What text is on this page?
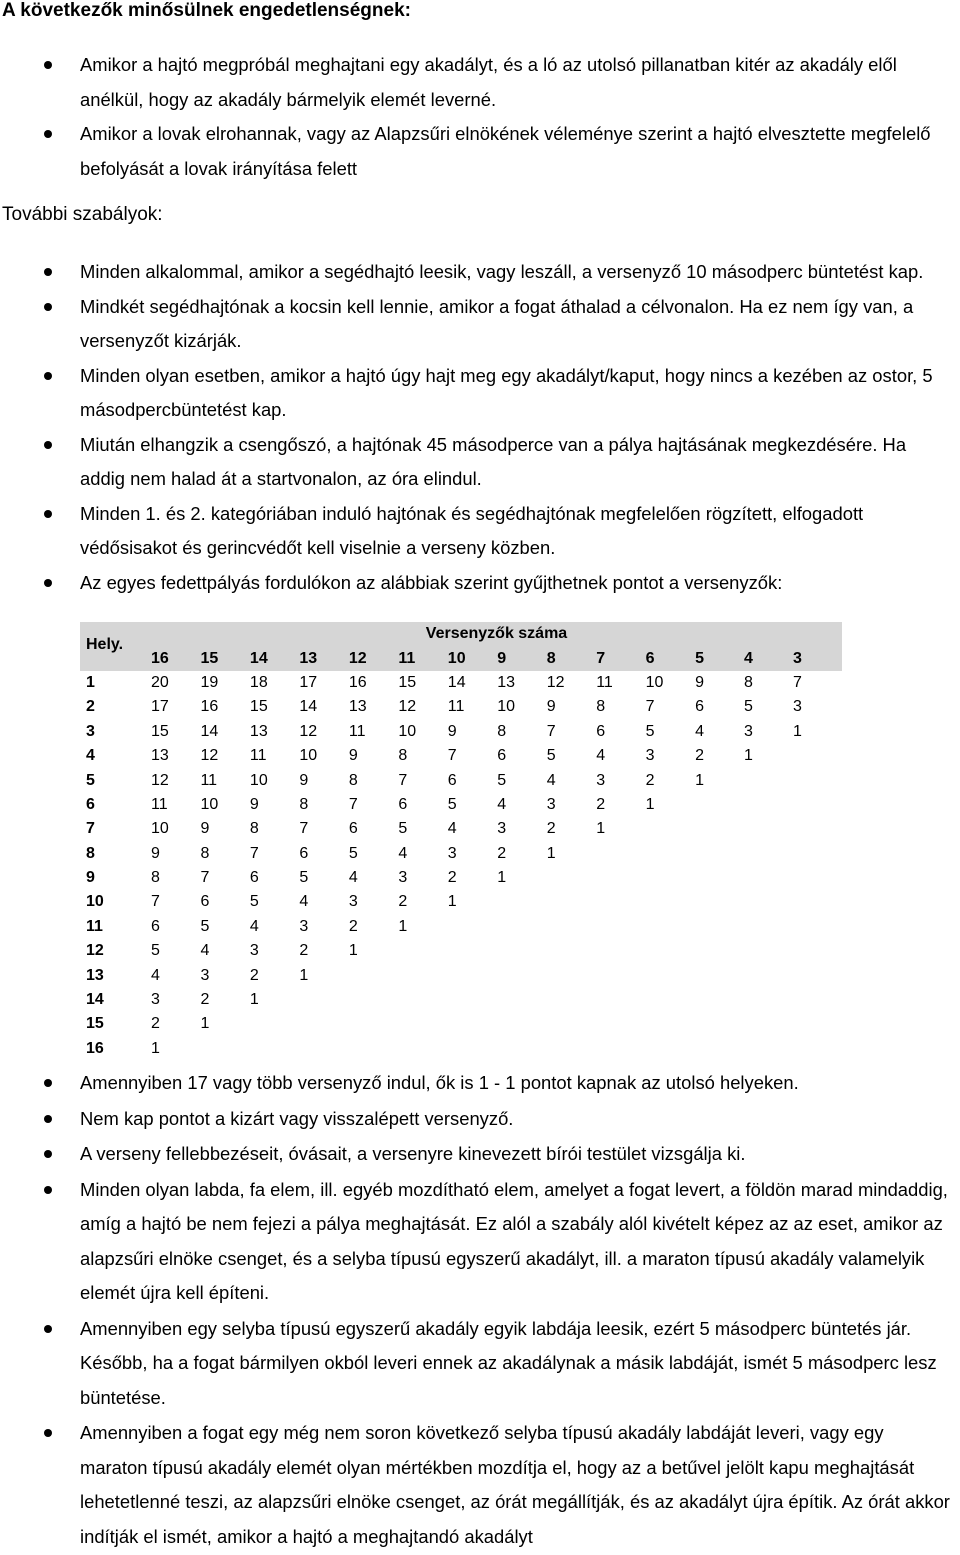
A következők minősülnek engedetlenségnek:
Amikor a hajtó megpróbál meghajtani egy akadályt, és a ló az utolsó pillanatban kitér az akadály elől anélkül, hogy az akadály bármelyik elemét leverné.
Amikor a lovak elrohannak, vagy az Alapzsűri elnökének véleménye szerint a hajtó elvesztette megfelelő befolyását a lovak irányítása felett
További szabályok:
Minden alkalommal, amikor a segédhajtó leesik, vagy leszáll, a versenyző 10 másodperc büntetést kap.
Mindkét segédhajtónak a kocsin kell lennie, amikor a fogat áthalad a célvonalon. Ha ez nem így van, a versenyzőt kizárják.
Minden olyan esetben, amikor a hajtó úgy hajt meg egy akadályt/kaput, hogy nincs a kezében az ostor, 5 másodpercbüntetést kap.
Miután elhangzik a csengőszó, a hajtónak 45 másodperce van a pálya hajtásának megkezdésére. Ha addig nem halad át a startvonalon, az óra elindul.
Minden 1. és 2. kategóriában induló hajtónak és segédhajtónak megfelelően rögzített, elfogadott védősisakot és gerincvédőt kell viselnie a verseny közben.
Az egyes fedettpályás fordulókon az alábbiak szerint gyűjthetnek pontot a versenyzők:
Hely.
	Versenyzők száma													
	16	15	14	13	12	11	10	9	8	7	6	5	4	3
1	20	19	18	17	16	15	14	13	12	11	10	9	8	7
2	17	16	15	14	13	12	11	10	9	8	7	6	5	3
3	15	14	13	12	11	10	9	8	7	6	5	4	3	1
4	13	12	11	10	9	8	7	6	5	4	3	2	1	
5	12	11	10	9	8	7	6	5	4	3	2	1		
6	11	10	9	8	7	6	5	4	3	2	1			
7	10	9	8	7	6	5	4	3	2	1				
8	9	8	7	6	5	4	3	2	1					
9	8	7	6	5	4	3	2	1						
10	7	6	5	4	3	2	1							
11	6	5	4	3	2	1								
12	5	4	3	2	1									
13	4	3	2	1										
14	3	2	1											
15	2	1												
16	1													
Amennyiben 17 vagy több versenyző indul, ők is 1 - 1 pontot kapnak az utolsó helyeken.
Nem kap pontot a kizárt vagy visszalépett versenyző.
A verseny fellebbezéseit, óvásait, a versenyre kinevezett bírói testület vizsgálja ki.
Minden olyan labda, fa elem, ill. egyéb mozdítható elem, amelyet a fogat levert, a földön marad mindaddig, amíg a hajtó be nem fejezi a pálya meghajtását. Ez alól a szabály alól kivételt képez az az eset, amikor az alapzsűri elnöke csenget, és a selyba típusú egyszerű akadályt, ill. a maraton típusú akadály valamelyik elemét újra kell építeni.
Amennyiben egy selyba típusú egyszerű akadály egyik labdája leesik, ezért 5 másodperc büntetés jár. Később, ha a fogat bármilyen okból leveri ennek az akadálynak a másik labdáját, ismét 5 másodperc lesz büntetése.
Amennyiben a fogat egy még nem soron következő selyba típusú akadály labdáját leveri, vagy egy maraton típusú akadály elemét olyan mértékben mozdítja el, hogy az a betűvel jelölt kapu meghajtását lehetetlenné teszi, az alapzsűri elnöke csenget, az órát megállítják, és az akadályt újra építik. Az órát akkor indítják el ismét, amikor a hajtó a meghajtandó akadályt
